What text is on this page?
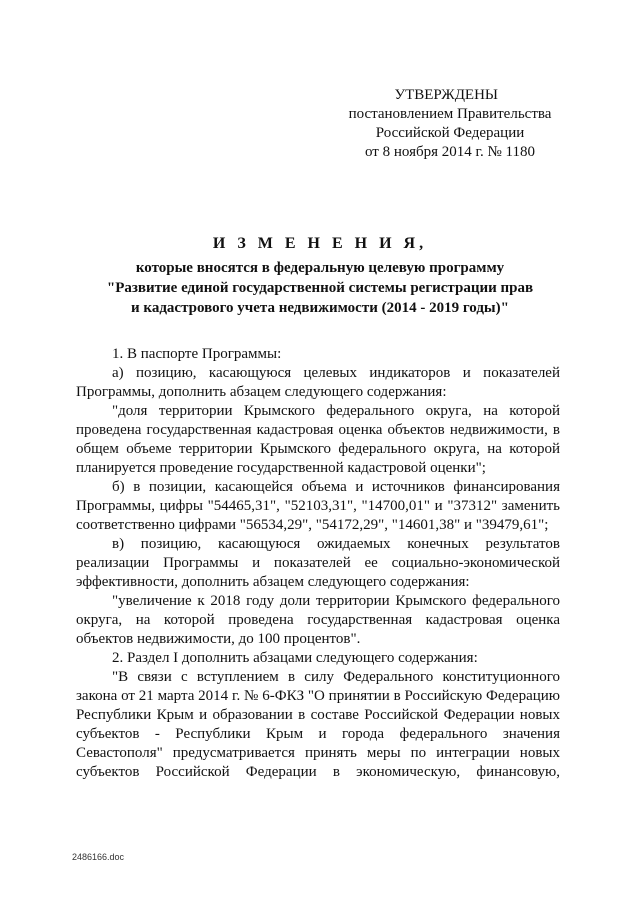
УТВЕРЖДЕНЫ
постановлением Правительства
Российской Федерации
от 8 ноября 2014 г. № 1180
И З М Е Н Е Н И Я,
которые вносятся в федеральную целевую программу
"Развитие единой государственной системы регистрации прав
и кадастрового учета недвижимости (2014 - 2019 годы)"

1. В паспорте Программы:

а) позицию, касающуюся целевых индикаторов и показателей Программы, дополнить абзацем следующего содержания:

"доля территории Крымского федерального округа, на которой проведена государственная кадастровая оценка объектов недвижимости, в общем объеме территории Крымского федерального округа, на которой планируется проведение государственной кадастровой оценки";

б) в позиции, касающейся объема и источников финансирования Программы, цифры "54465,31", "52103,31", "14700,01" и "37312" заменить соответственно цифрами "56534,29", "54172,29", "14601,38" и "39479,61";

в) позицию, касающуюся ожидаемых конечных результатов реализации Программы и показателей ее социально-экономической эффективности, дополнить абзацем следующего содержания:

"увеличение к 2018 году доли территории Крымского федерального округа, на которой проведена государственная кадастровая оценка объектов недвижимости, до 100 процентов".

2. Раздел I дополнить абзацами следующего содержания:

"В связи с вступлением в силу Федерального конституционного закона от 21 марта 2014 г. № 6-ФКЗ "О принятии в Российскую Федерацию Республики Крым и образовании в составе Российской Федерации новых субъектов - Республики Крым и города федерального значения Севастополя" предусматривается принять меры по интеграции новых субъектов Российской Федерации в экономическую, финансовую,

2486166.doc
